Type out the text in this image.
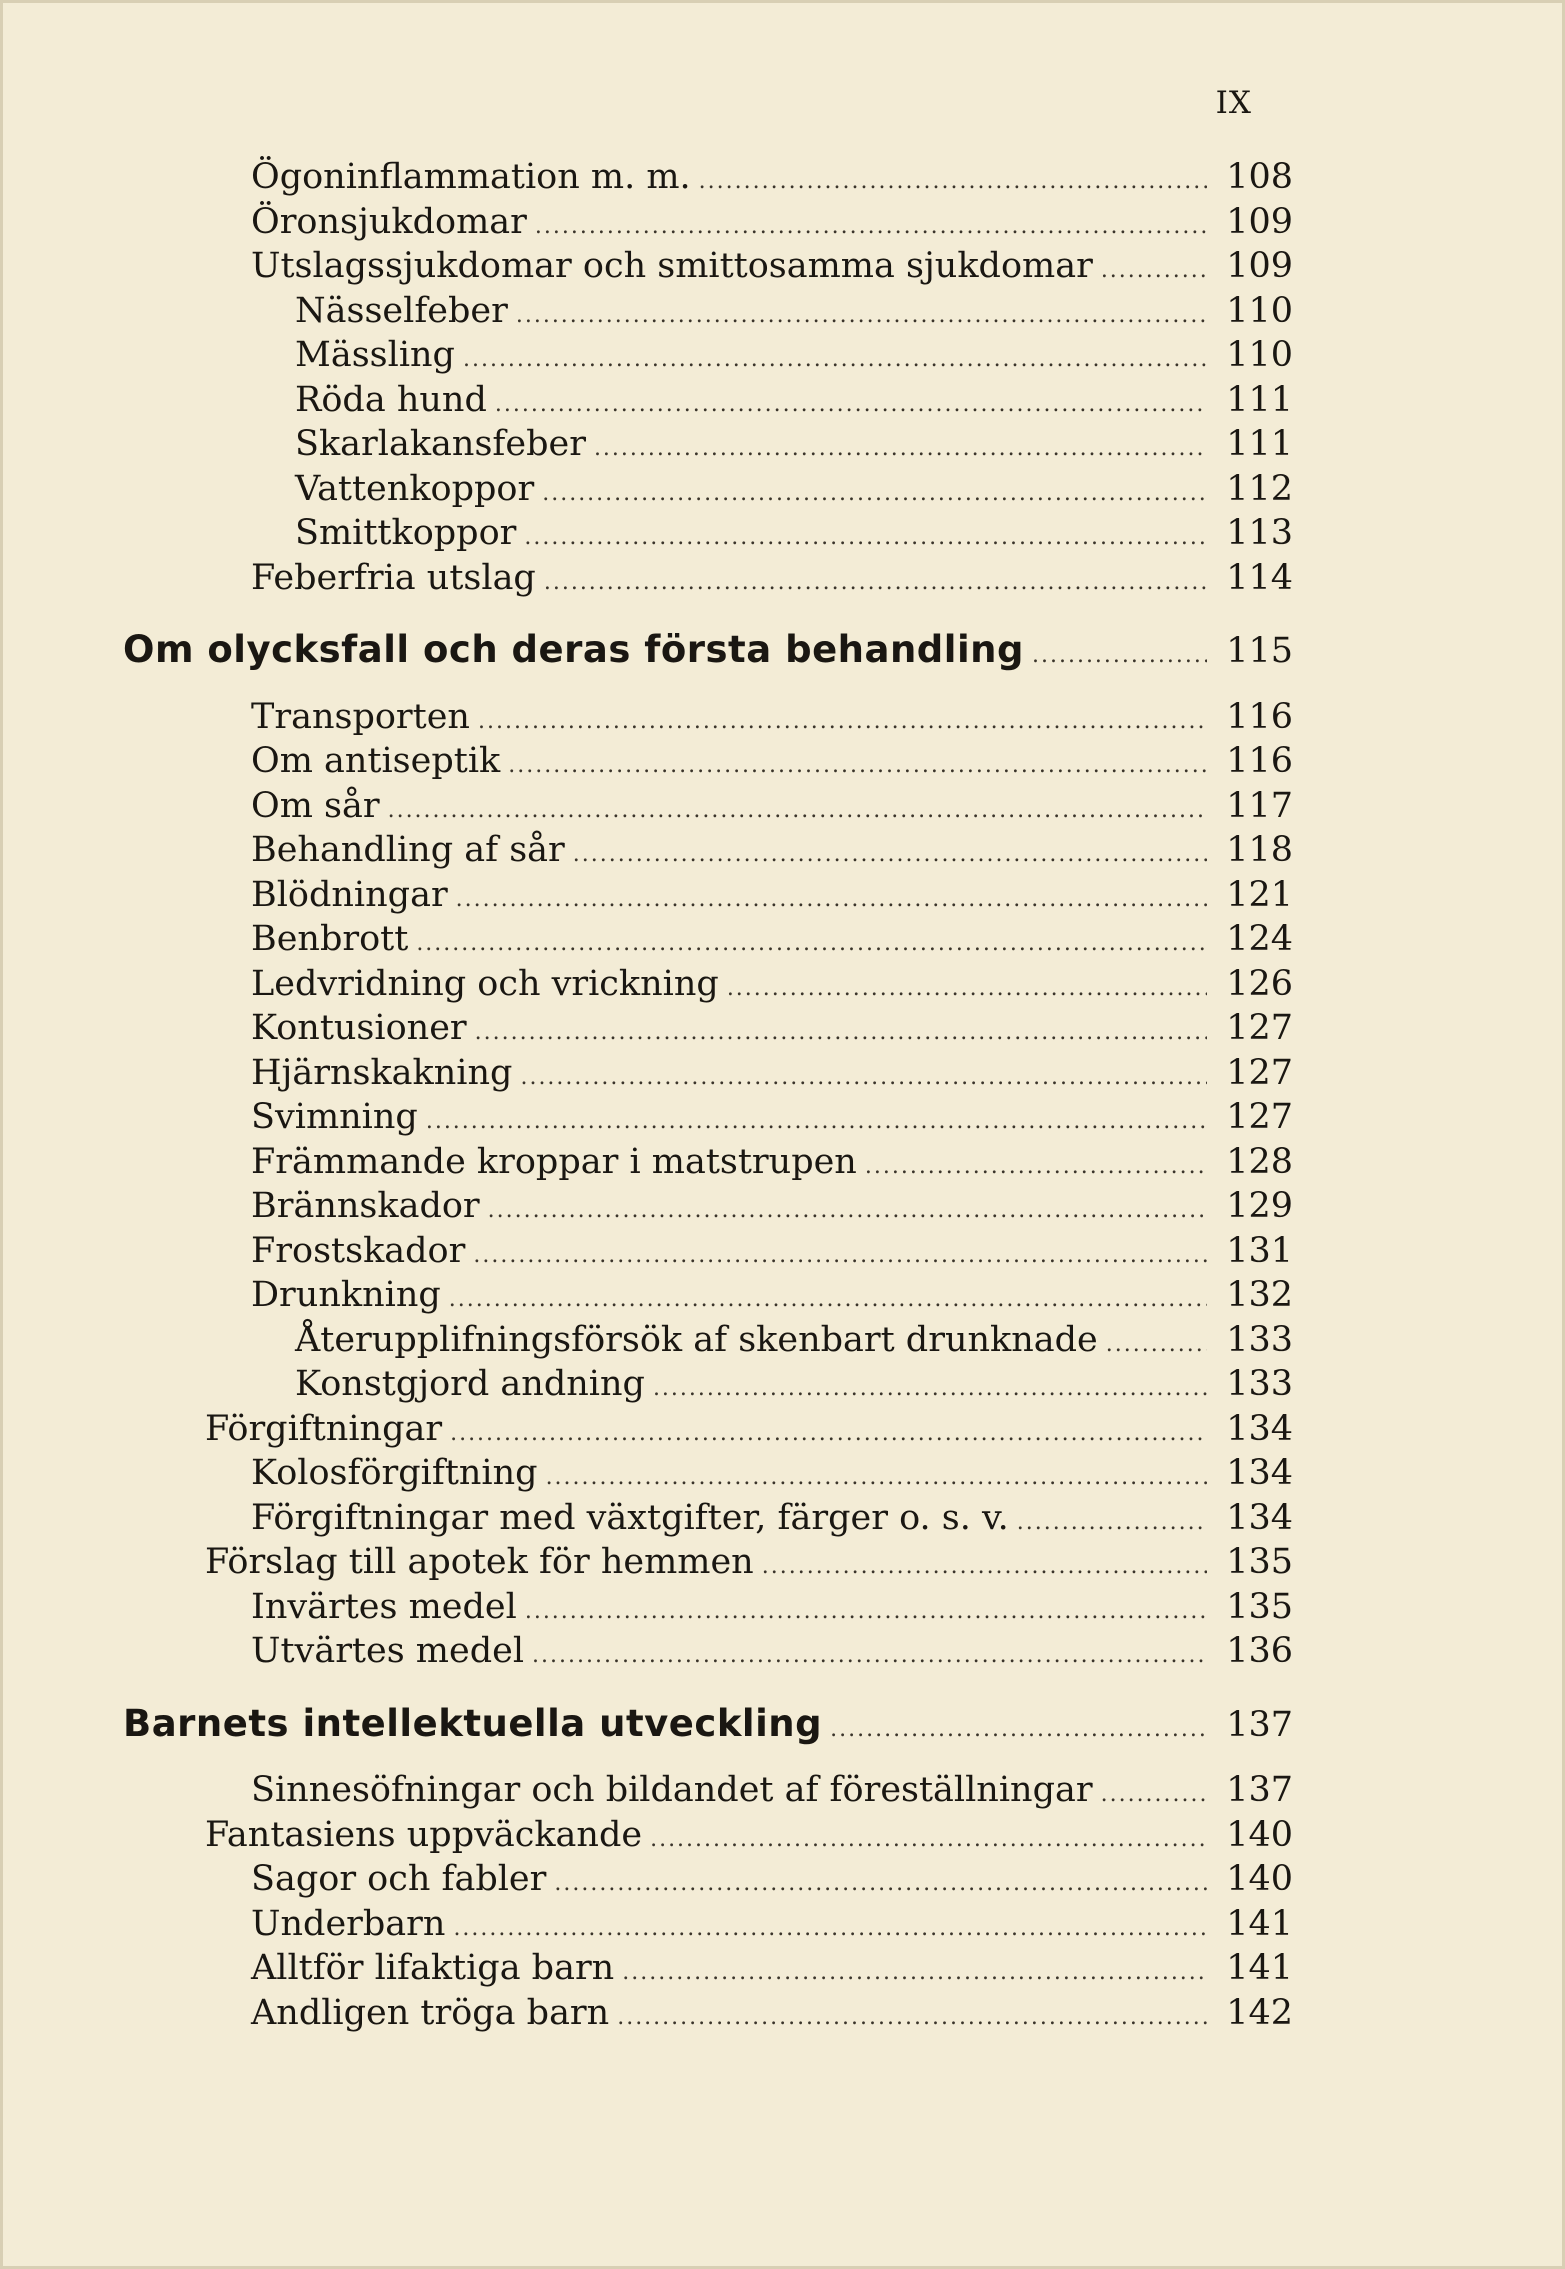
IX
Ögoninflammation m. m. .....	108
Öronsjukdomar .....	109
Utslagssjukdomar och smittosamma sjukdomar .....	109
Nässelfeber .....	110
Mässling .....	110
Röda hund .....	111
Skarlakansfeber .....	111
Vattenkoppor .....	112
Smittkoppor .....	113
Feberfria utslag .....	114
Om olycksfall och deras första behandling .....	115
Transporten .....	116
Om antiseptik .....	116
Om sår .....	117
Behandling af sår .....	118
Blödningar .....	121
Benbrott .....	124
Ledvridning och vrickning .....	126
Kontusioner .....	127
Hjärnskakning .....	127
Svimning .....	127
Främmande kroppar i matstrupen .....	128
Brännskador .....	129
Frostskador .....	131
Drunkning .....	132
Återupplifningsförsök af skenbart drunknade .....	133
Konstgjord andning .....	133
Förgiftningar .....	134
Kolosförgiftning .....	134
Förgiftningar med växtgifter, färger o. s. v. .....	134
Förslag till apotek för hemmen .....	135
Invärtes medel .....	135
Utvärtes medel .....	136
Barnets intellektuella utveckling .....	137
Sinnesöfningar och bildandet af föreställningar .....	137
Fantasiens uppväckande .....	140
Sagor och fabler .....	140
Underbarn .....	141
Alltför lifaktiga barn .....	141
Andligen tröga barn .....	142
